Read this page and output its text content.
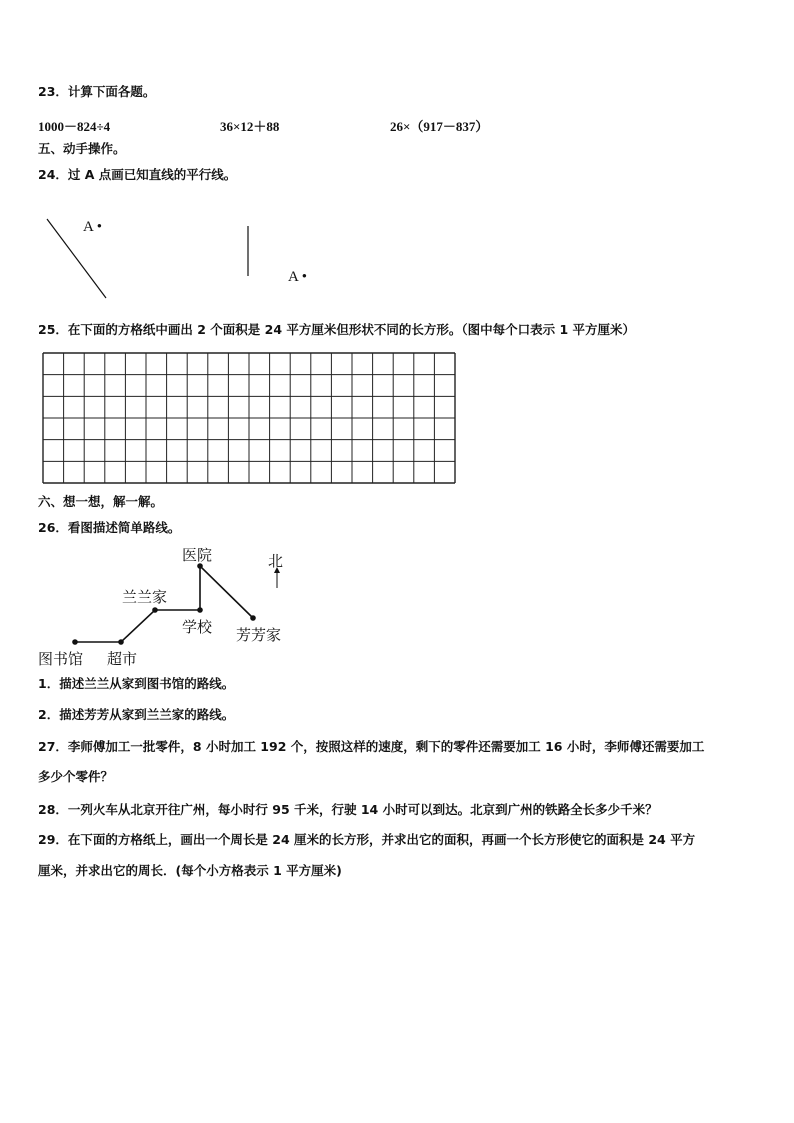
23．计算下面各题。
1000－824÷4	36×12＋88	26×（917－837）
五、动手操作。
24．过 A 点画已知直线的平行线。
A •
A •
25．在下面的方格纸中画出 2 个面积是 24 平方厘米但形状不同的长方形。（图中每个口表示 1 平方厘米）
六、想一想，解一解。
26．看图描述简单路线。
医院	北
兰兰家
学校 芳芳家
图书馆 超市
1．描述兰兰从家到图书馆的路线。
2．描述芳芳从家到兰兰家的路线。
27．李师傅加工一批零件，8 小时加工 192 个，按照这样的速度，剩下的零件还需要加工 16 小时，李师傅还需要加工
多少个零件？
28．一列火车从北京开往广州，每小时行 95 千米，行驶 14 小时可以到达。北京到广州的铁路全长多少千米？
29．在下面的方格纸上，画出一个周长是 24 厘米的长方形，并求出它的面积，再画一个长方形使它的面积是 24 平方
厘米，并求出它的周长．(每个小方格表示 1 平方厘米)
